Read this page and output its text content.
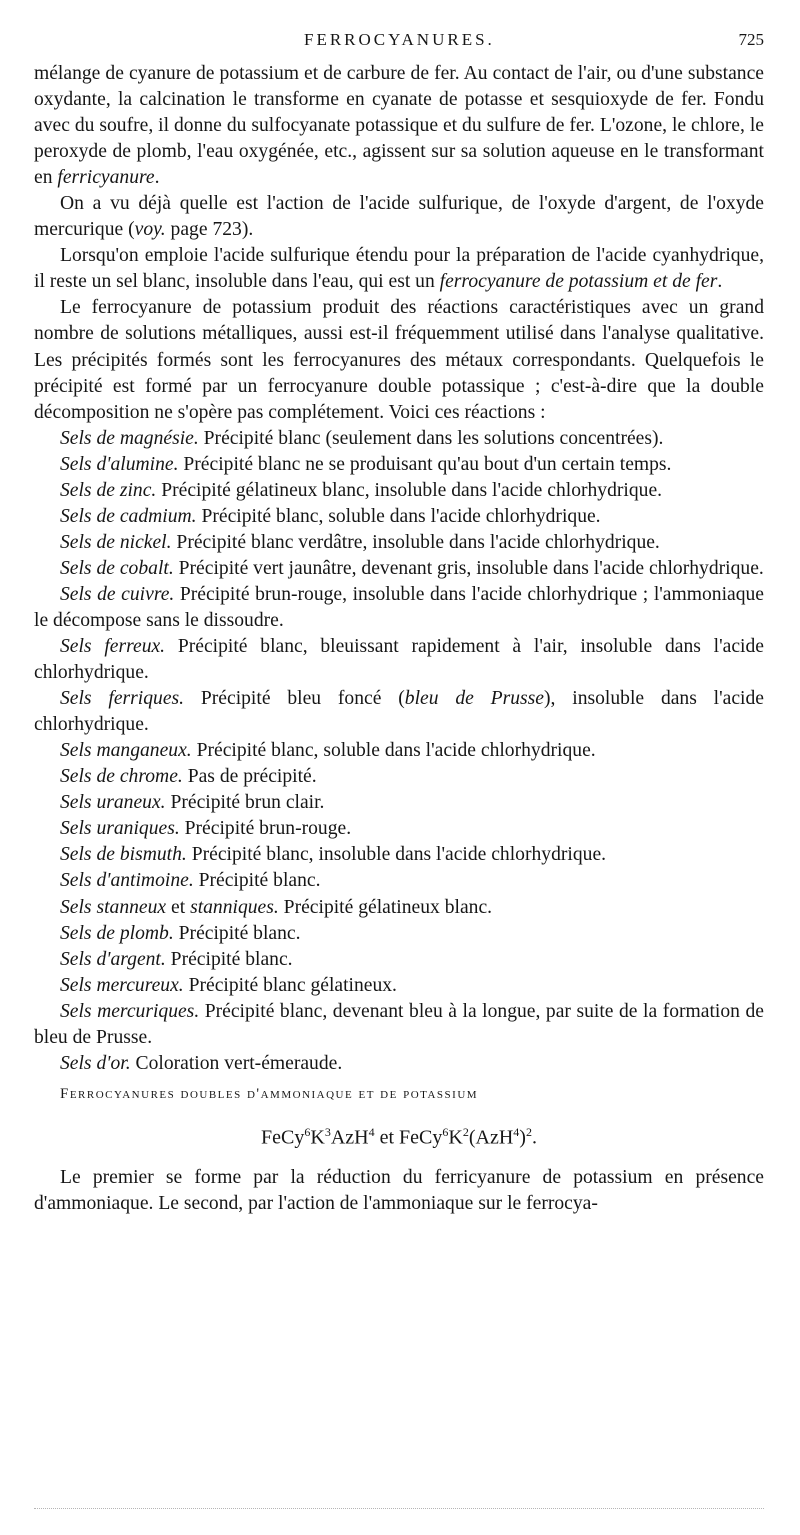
FERROCYANURES.	725

mélange de cyanure de potassium et de carbure de fer. Au contact de l'air, ou d'une substance oxydante, la calcination le transforme en cyanate de potasse et sesquioxyde de fer. Fondu avec du soufre, il donne du sulfocyanate potassique et du sulfure de fer. L'ozone, le chlore, le peroxyde de plomb, l'eau oxygénée, etc., agissent sur sa solution aqueuse en le transformant en ferricyanure.

On a vu déjà quelle est l'action de l'acide sulfurique, de l'oxyde d'argent, de l'oxyde mercurique (voy. page 723).

Lorsqu'on emploie l'acide sulfurique étendu pour la préparation de l'acide cyanhydrique, il reste un sel blanc, insoluble dans l'eau, qui est un ferrocyanure de potassium et de fer.

Le ferrocyanure de potassium produit des réactions caractéristiques avec un grand nombre de solutions métalliques, aussi est-il fréquemment utilisé dans l'analyse qualitative. Les précipités formés sont les ferrocyanures des métaux correspondants. Quelquefois le précipité est formé par un ferrocyanure double potassique ; c'est-à-dire que la double décomposition ne s'opère pas complétement. Voici ces réactions :

Sels de magnésie. Précipité blanc (seulement dans les solutions concentrées).

Sels d'alumine. Précipité blanc ne se produisant qu'au bout d'un certain temps.

Sels de zinc. Précipité gélatineux blanc, insoluble dans l'acide chlorhydrique.

Sels de cadmium. Précipité blanc, soluble dans l'acide chlorhydrique.

Sels de nickel. Précipité blanc verdâtre, insoluble dans l'acide chlorhydrique.

Sels de cobalt. Précipité vert jaunâtre, devenant gris, insoluble dans l'acide chlorhydrique.

Sels de cuivre. Précipité brun-rouge, insoluble dans l'acide chlorhydrique ; l'ammoniaque le décompose sans le dissoudre.

Sels ferreux. Précipité blanc, bleuissant rapidement à l'air, insoluble dans l'acide chlorhydrique.

Sels ferriques. Précipité bleu foncé (bleu de Prusse), insoluble dans l'acide chlorhydrique.

Sels manganeux. Précipité blanc, soluble dans l'acide chlorhydrique.

Sels de chrome. Pas de précipité.

Sels uraneux. Précipité brun clair.

Sels uraniques. Précipité brun-rouge.

Sels de bismuth. Précipité blanc, insoluble dans l'acide chlorhydrique.

Sels d'antimoine. Précipité blanc.

Sels stanneux et stanniques. Précipité gélatineux blanc.

Sels de plomb. Précipité blanc.

Sels d'argent. Précipité blanc.

Sels mercureux. Précipité blanc gélatineux.

Sels mercuriques. Précipité blanc, devenant bleu à la longue, par suite de la formation de bleu de Prusse.

Sels d'or. Coloration vert-émeraude.

Ferrocyanures doubles d'ammoniaque et de potassium
$FeCy^6K^3AzH^4$ et $FeCy^6K^2(AzH^4)^2$.

Le premier se forme par la réduction du ferricyanure de potassium en présence d'ammoniaque. Le second, par l'action de l'ammoniaque sur le ferrocya-
